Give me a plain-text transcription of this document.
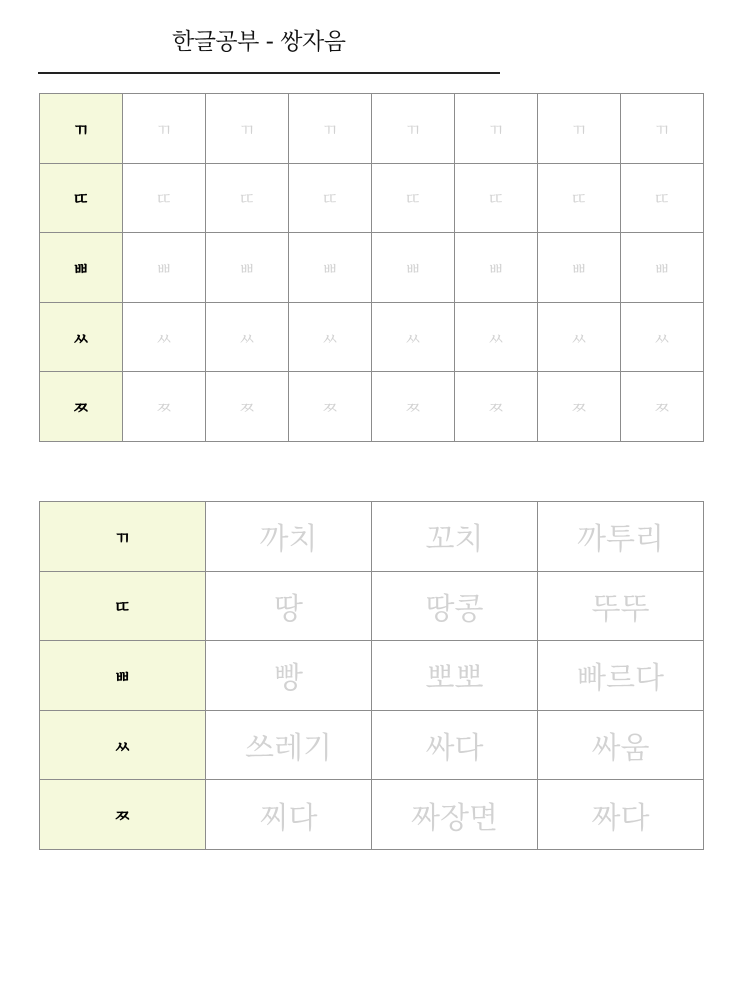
한글공부 - 쌍자음
ㄲ	ㄲ	ㄲ	ㄲ	ㄲ	ㄲ	ㄲ	ㄲ
ㄸ	ㄸ	ㄸ	ㄸ	ㄸ	ㄸ	ㄸ	ㄸ
ㅃ	ㅃ	ㅃ	ㅃ	ㅃ	ㅃ	ㅃ	ㅃ
ㅆ	ㅆ	ㅆ	ㅆ	ㅆ	ㅆ	ㅆ	ㅆ
ㅉ	ㅉ	ㅉ	ㅉ	ㅉ	ㅉ	ㅉ	ㅉ
ㄲ	까치	꼬치	까투리
ㄸ	땅	땅콩	뚜뚜
ㅃ	빵	뽀뽀	빠르다
ㅆ	쓰레기	싸다	싸움
ㅉ	찌다	짜장면	짜다
